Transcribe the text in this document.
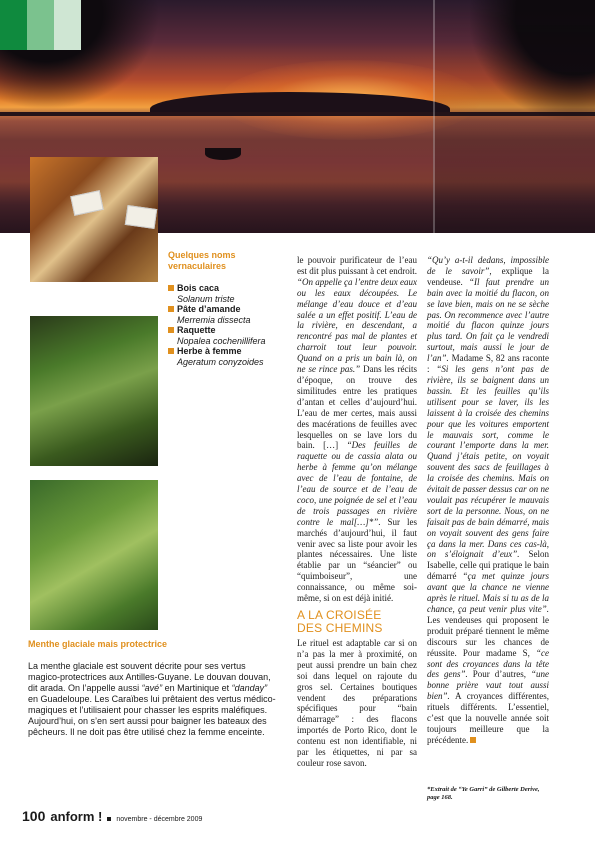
Quelques noms vernaculaires
Bois caca
Solanum triste
Pâte d’amande
Merremia dissecta
Raquette
Nopalea cochenillifera
Herbe à femme
Ageratum conyzoides
Menthe glaciale mais protectrice
La menthe glaciale est souvent décrite pour ses vertus magico-protectrices aux Antilles-Guyane. Le douvan douvan, dit arada. On l’appelle aussi “avé” en Martinique et “danday” en Guadeloupe. Les Caraïbes lui prêtaient des vertus médico-magiques et l’utilisaient pour chasser les esprits maléfiques. Aujourd’hui, on s’en sert aussi pour baigner les bateaux des pêcheurs. Il ne doit pas être utilisé chez la femme enceinte.

le pouvoir purificateur de l’eau est dit plus puissant à cet endroit. “On appelle ça l’entre deux eaux ou les eaux découpées. Le mélange d’eau douce et d’eau salée a un effet positif. L’eau de la rivière, en descendant, a rencontré pas mal de plantes et charroit tout leur pouvoir. Quand on a pris un bain là, on ne se rince pas.” Dans les récits d’époque, on trouve des similitudes entre les pratiques d’antan et celles d’aujourd’hui. L’eau de mer certes, mais aussi des macérations de feuilles avec lesquelles on se lave lors du bain. […] “Des feuilles de raquette ou de cassia alata ou herbe à femme qu’on mélange avec de l’eau de fontaine, de l’eau de source et de l’eau de coco, une poignée de sel et l’eau de trois passages en rivière contre le mal[…]*”. Sur les marchés d’aujourd’hui, il faut venir avec sa liste pour avoir les plantes nécessaires. Une liste établie par un “séancier” ou “quimboiseur”, une connaissance, ou même soi-même, si on est déjà initié.

A LA CROISÉE
DES CHEMINS

Le rituel est adaptable car si on n’a pas la mer à proximité, on peut aussi prendre un bain chez soi dans lequel on rajoute du gros sel. Certaines boutiques vendent des préparations spécifiques pour “bain démarrage” : des flacons importés de Porto Rico, dont le contenu est non identifiable, ni par les étiquettes, ni par sa couleur rose savon.

“Qu’y a-t-il dedans, impossible de le savoir”, explique la vendeuse. “Il faut prendre un bain avec la moitié du flacon, on se lave bien, mais on ne se sèche pas. On recommence avec l’autre moitié du flacon quinze jours plus tard. On fait ça le vendredi surtout, mais aussi le jour de l’an”. Madame S, 82 ans raconte : “Si les gens n’ont pas de rivière, ils se baignent dans un bassin. Et les feuilles qu’ils utilisent pour se laver, ils les laissent à la croisée des chemins pour que les voitures emportent le mauvais sort, comme le courant l’emporte dans la mer. Quand j’étais petite, on voyait souvent des sacs de feuillages à la croisée des chemins. Mais on évitait de passer dessus car on ne voulait pas récupérer le mauvais sort de la personne. Nous, on ne faisait pas de bain démarré, mais on voyait souvent des gens faire ça dans la mer. Dans ces cas-là, on s’éloignait d’eux”. Selon Isabelle, celle qui pratique le bain démarré “ça met quinze jours avant que la chance ne vienne après le rituel. Mais si tu as de la chance, ça peut venir plus vite”. Les vendeuses qui proposent le produit préparé tiennent le même discours sur les chances de réussite. Pour madame S, “ce sont des croyances dans la tête des gens”. Pour d’autres, “une bonne prière vaut tout aussi bien”. A croyances différentes, rituels différents. L’essentiel, c’est que la nouvelle année soit toujours meilleure que la précédente.

*Extrait de “Ye Garri” de Gilberte Derive, page 168.
100 anform ! novembre - décembre 2009
